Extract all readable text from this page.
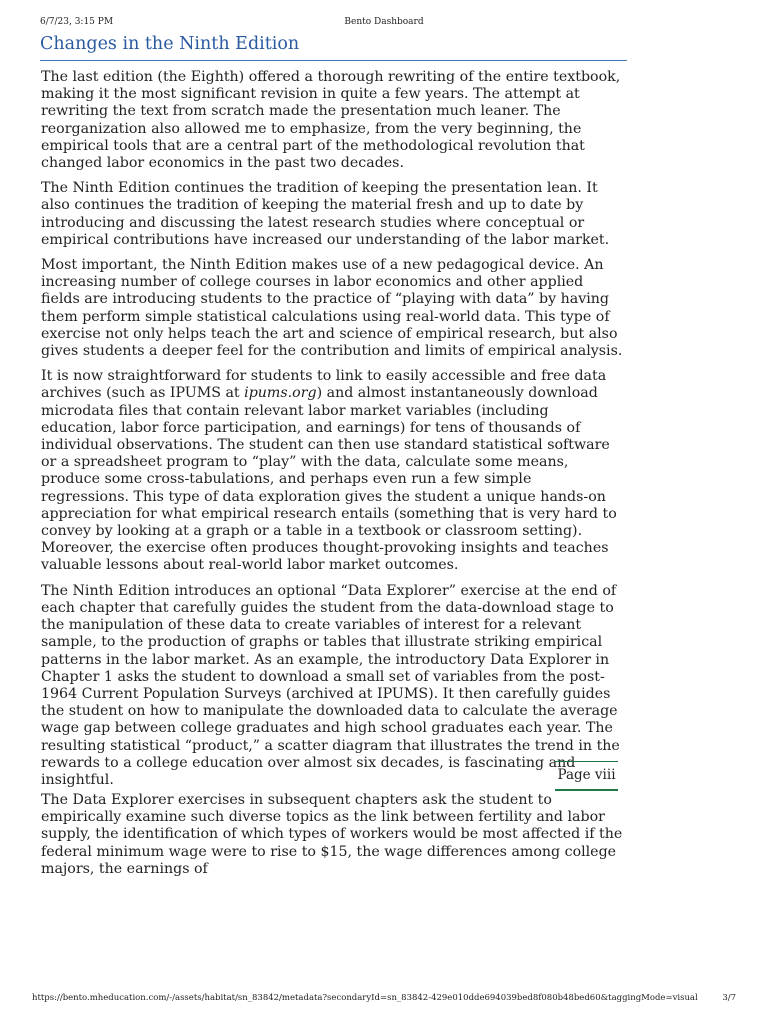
6/7/23, 3:15 PM	Bento Dashboard
Changes in the Ninth Edition

The last edition (the Eighth) offered a thorough rewriting of the entire textbook, making it the most significant revision in quite a few years. The attempt at rewriting the text from scratch made the presentation much leaner. The reorganization also allowed me to emphasize, from the very beginning, the empirical tools that are a central part of the methodological revolution that changed labor economics in the past two decades.

The Ninth Edition continues the tradition of keeping the presentation lean. It also continues the tradition of keeping the material fresh and up to date by introducing and discussing the latest research studies where conceptual or empirical contributions have increased our understanding of the labor market.

Most important, the Ninth Edition makes use of a new pedagogical device. An increasing number of college courses in labor economics and other applied fields are introducing students to the practice of “playing with data” by having them perform simple statistical calculations using real-world data. This type of exercise not only helps teach the art and science of empirical research, but also gives students a deeper feel for the contribution and limits of empirical analysis.

It is now straightforward for students to link to easily accessible and free data archives (such as IPUMS at ipums.org) and almost instantaneously download microdata files that contain relevant labor market variables (including education, labor force participation, and earnings) for tens of thousands of individual observations. The student can then use standard statistical software or a spreadsheet program to “play” with the data, calculate some means, produce some cross-tabulations, and perhaps even run a few simple regressions. This type of data exploration gives the student a unique hands-on appreciation for what empirical research entails (something that is very hard to convey by looking at a graph or a table in a textbook or classroom setting). Moreover, the exercise often produces thought-provoking insights and teaches valuable lessons about real-world labor market outcomes.

The Ninth Edition introduces an optional “Data Explorer” exercise at the end of each chapter that carefully guides the student from the data-download stage to the manipulation of these data to create variables of interest for a relevant sample, to the production of graphs or tables that illustrate striking empirical patterns in the labor market. As an example, the introductory Data Explorer in Chapter 1 asks the student to download a small set of variables from the post-1964 Current Population Surveys (archived at IPUMS). It then carefully guides the student on how to manipulate the downloaded data to calculate the average wage gap between college graduates and high school graduates each year. The resulting statistical “product,” a scatter diagram that illustrates the trend in the rewards to a college education over almost six decades, is fascinating and insightful.	Page viii

The Data Explorer exercises in subsequent chapters ask the student to empirically examine such diverse topics as the link between fertility and labor supply, the identification of which types of workers would be most affected if the federal minimum wage were to rise to $15, the wage differences among college majors, the earnings of

https://bento.mheducation.com/-/assets/habitat/sn_83842/metadata?secondaryId=sn_83842-429e010dde694039bed8f080b48bed60&taggingMode=visual	3/7
